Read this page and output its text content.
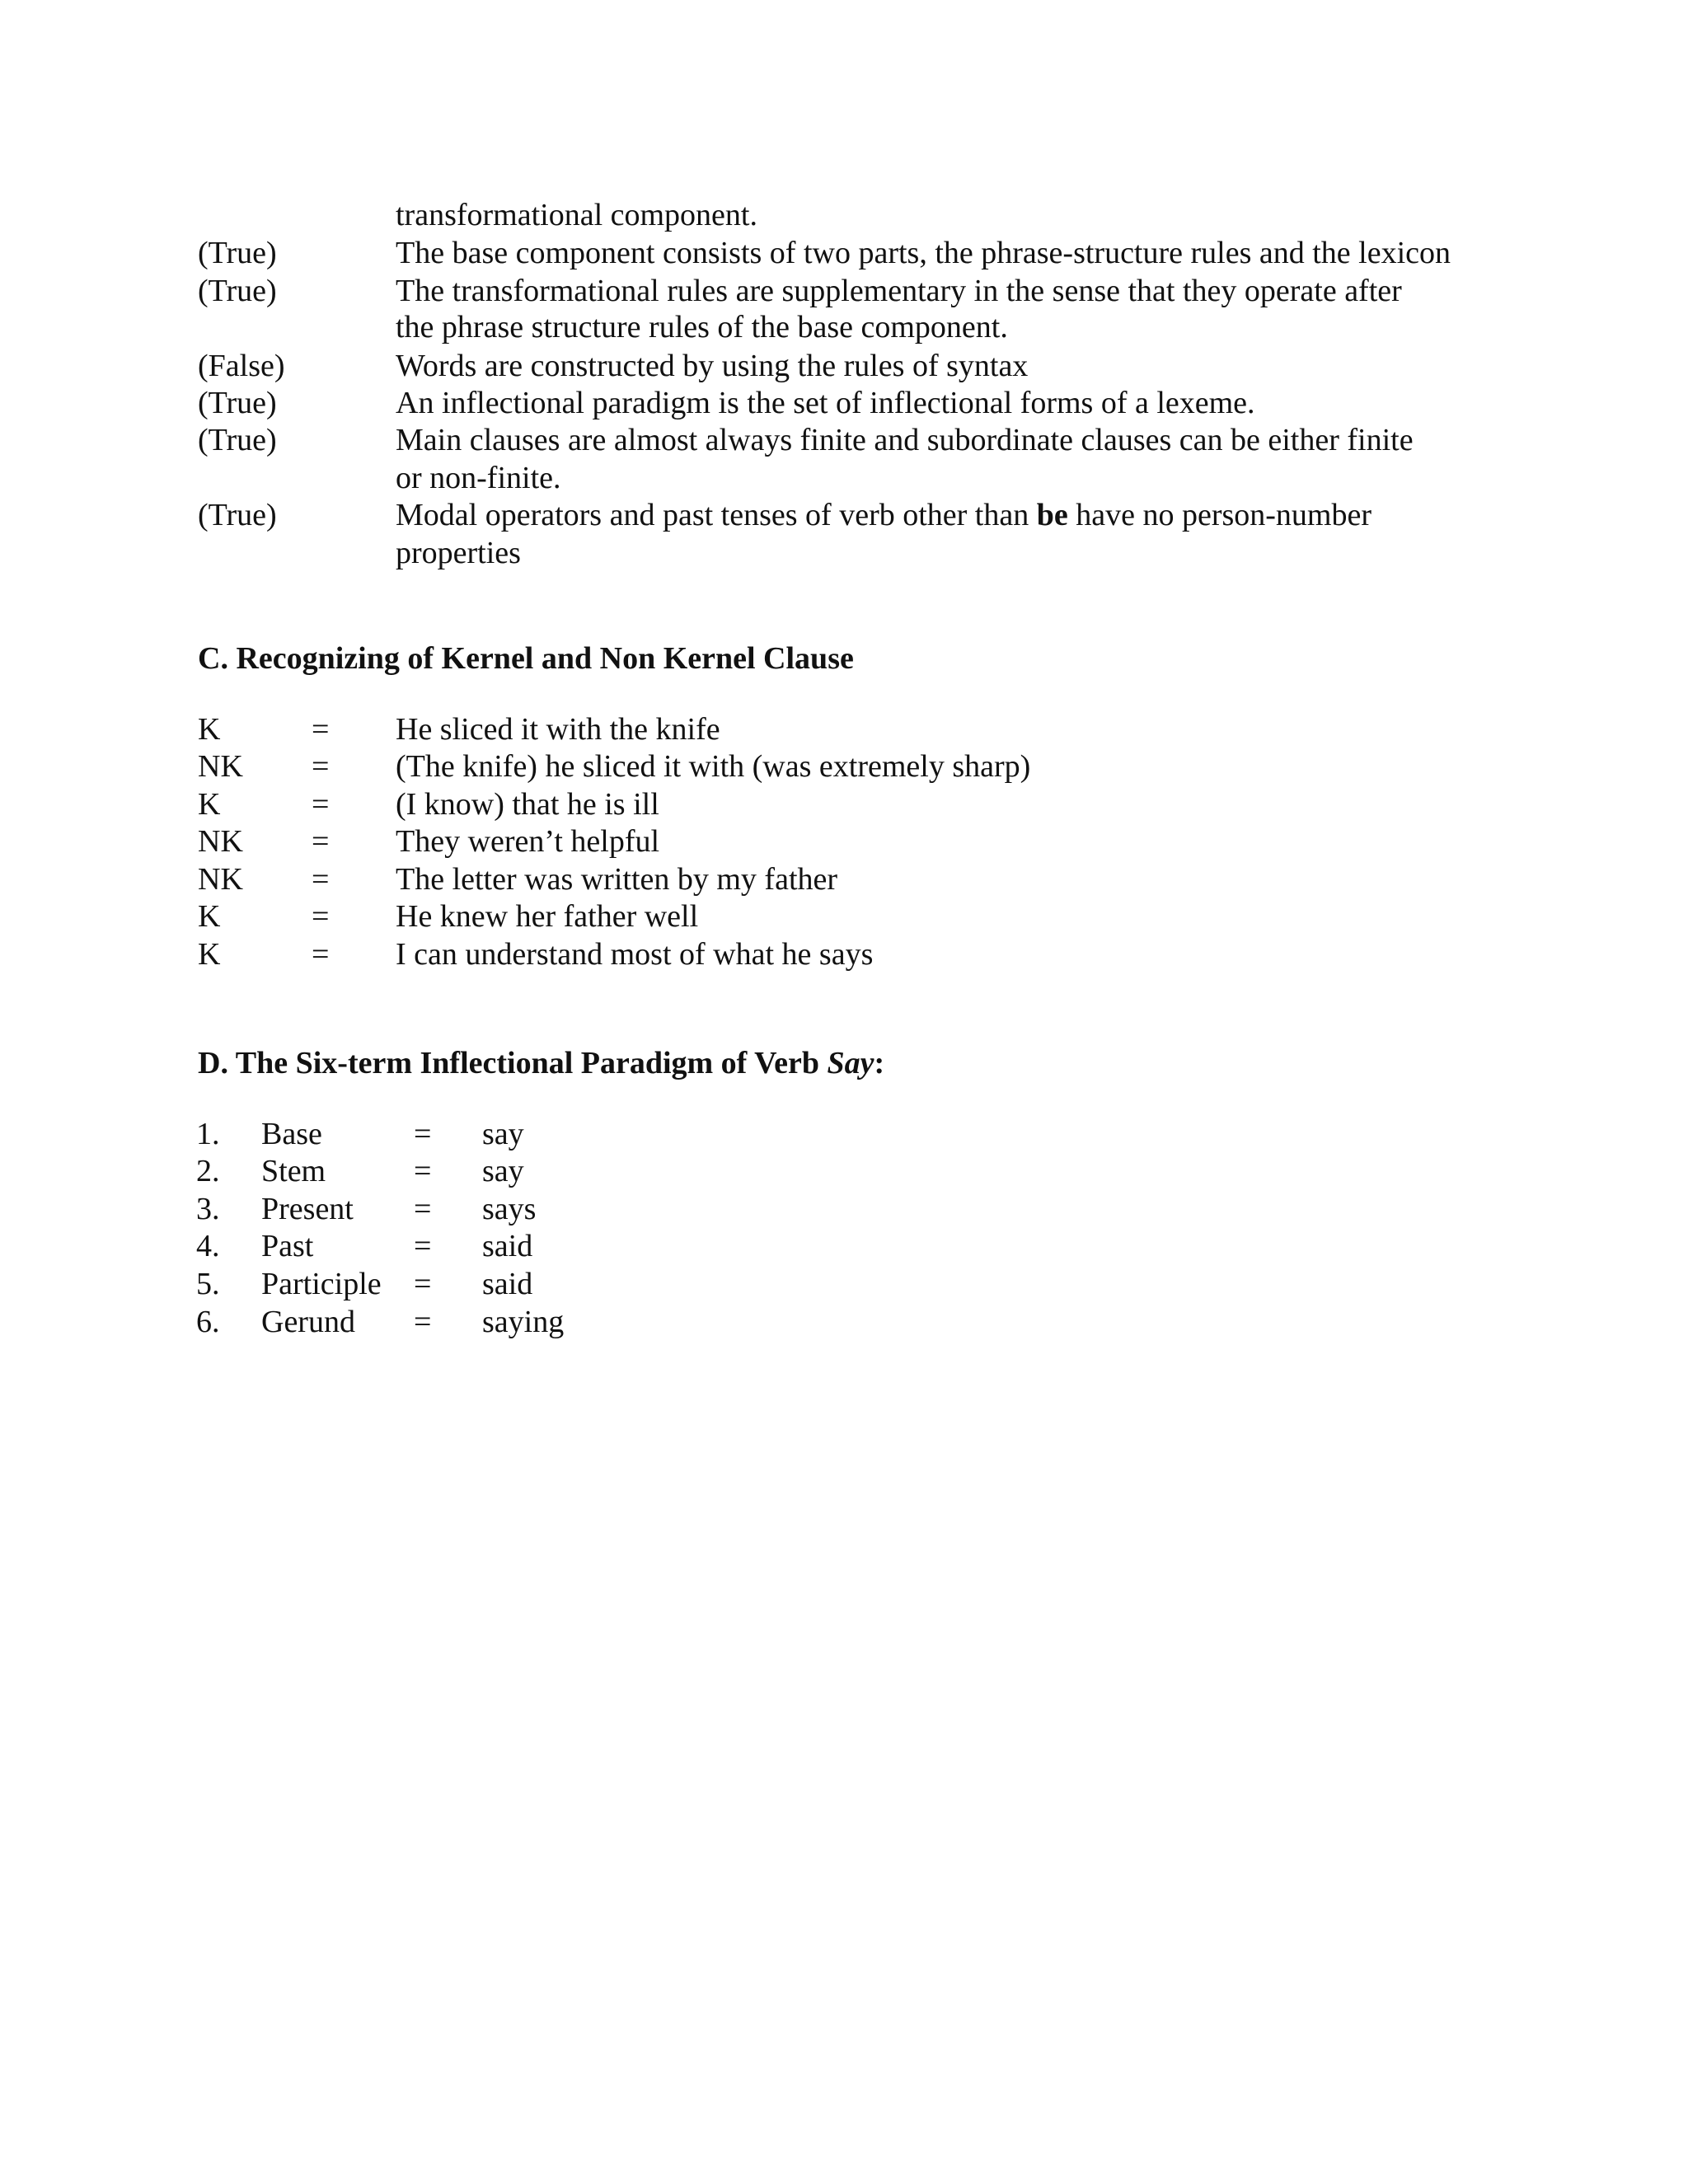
transformational component.
(True)	The base component consists of two parts, the phrase-structure rules and the lexicon
(True)	The transformational rules are supplementary in the sense that they operate after
the phrase structure rules of the base component.
(False)	Words are constructed by using the rules of syntax
(True)	An inflectional paradigm is the set of inflectional forms of a lexeme.
(True)	Main clauses are almost always finite and subordinate clauses can be either finite
or non-finite.
(True)	Modal operators and past tenses of verb other than be have no person-number
properties
C. Recognizing of Kernel and Non Kernel Clause
K	= He sliced it with the knife
NK = (The knife) he sliced it with (was extremely sharp)
K	= (I know) that he is ill
NK = They weren’t helpful
NK = The letter was written by my father
K	= He knew her father well
K	= I can understand most of what he says
D. The Six-term Inflectional Paradigm of Verb Say:
1. Base	= say
2. Stem	= say
3. Present = says
4. Past	= said
5. Participle = said
6. Gerund = saying
